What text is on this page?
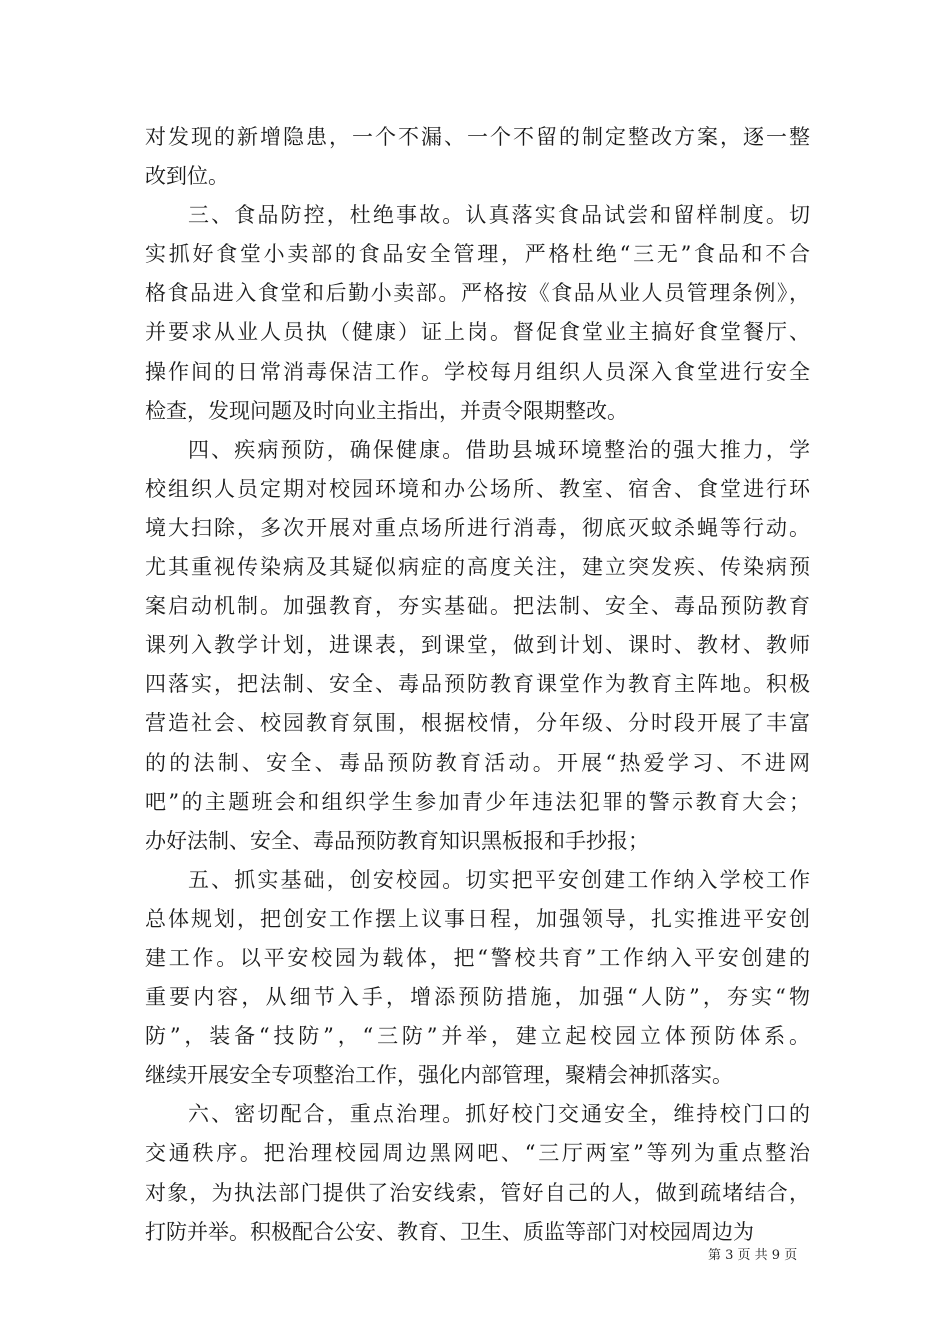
对发现的新增隐患，一个不漏、一个不留的制定整改方案，逐一整
改到位。
三、食品防控，杜绝事故。认真落实食品试尝和留样制度。切
实抓好食堂小卖部的食品安全管理，严格杜绝“三无”食品和不合
格食品进入食堂和后勤小卖部。严格按《食品从业人员管理条例》，
并要求从业人员执（健康）证上岗。督促食堂业主搞好食堂餐厅、
操作间的日常消毒保洁工作。学校每月组织人员深入食堂进行安全
检查，发现问题及时向业主指出，并责令限期整改。
四、疾病预防，确保健康。借助县城环境整治的强大推力，学
校组织人员定期对校园环境和办公场所、教室、宿舍、食堂进行环
境大扫除，多次开展对重点场所进行消毒，彻底灭蚊杀蝇等行动。
尤其重视传染病及其疑似病症的高度关注，建立突发疾、传染病预
案启动机制。加强教育，夯实基础。把法制、安全、毒品预防教育
课列入教学计划，进课表，到课堂，做到计划、课时、教材、教师
四落实，把法制、安全、毒品预防教育课堂作为教育主阵地。积极
营造社会、校园教育氛围，根据校情，分年级、分时段开展了丰富
的的法制、安全、毒品预防教育活动。开展“热爱学习、不进网
吧”的主题班会和组织学生参加青少年违法犯罪的警示教育大会；
办好法制、安全、毒品预防教育知识黑板报和手抄报；
五、抓实基础，创安校园。切实把平安创建工作纳入学校工作
总体规划，把创安工作摆上议事日程，加强领导，扎实推进平安创
建工作。以平安校园为载体，把“警校共育”工作纳入平安创建的
重要内容，从细节入手，增添预防措施，加强“人防”，夯实“物
防”，装备“技防”，“三防”并举，建立起校园立体预防体系。
继续开展安全专项整治工作，强化内部管理，聚精会神抓落实。
六、密切配合，重点治理。抓好校门交通安全，维持校门口的
交通秩序。把治理校园周边黑网吧、“三厅两室”等列为重点整治
对象，为执法部门提供了治安线索，管好自己的人，做到疏堵结合，
打防并举。积极配合公安、教育、卫生、质监等部门对校园周边为
第 3 页 共 9 页
